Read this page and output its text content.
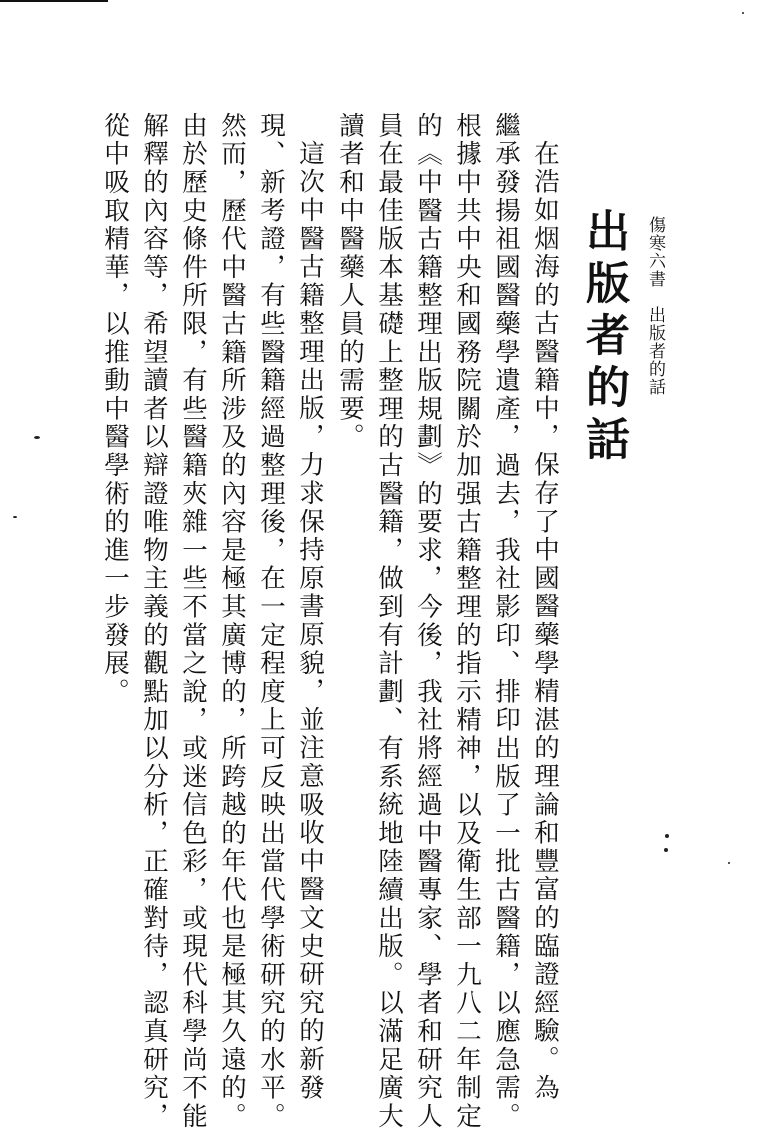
傷寒六書　出版者的話
出版者的話
在浩如烟海的古醫籍中，保存了中國醫藥學精湛的理論和豐富的臨證經驗。為
繼承發揚祖國醫藥學遺產，過去，我社影印、排印出版了一批古醫籍，以應急需。
根據中共中央和國務院關於加强古籍整理的指示精神，以及衛生部一九八二年制定
的《中醫古籍整理出版規劃》的要求，今後，我社將經過中醫專家、學者和研究人
員在最佳版本基礎上整理的古醫籍，做到有計劃、有系統地陸續出版。以滿足廣大
讀者和中醫藥人員的需要。
這次中醫古籍整理出版，力求保持原書原貌，並注意吸收中醫文史研究的新發
現、新考證，有些醫籍經過整理後，在一定程度上可反映出當代學術研究的水平。
然而，歷代中醫古籍所涉及的內容是極其廣博的，所跨越的年代也是極其久遠的。
由於歷史條件所限，有些醫籍夾雜一些不當之說，或迷信色彩，或現代科學尚不能
解釋的內容等，希望讀者以辯證唯物主義的觀點加以分析，正確對待，認真研究，
從中吸取精華，以推動中醫學術的進一步發展。
